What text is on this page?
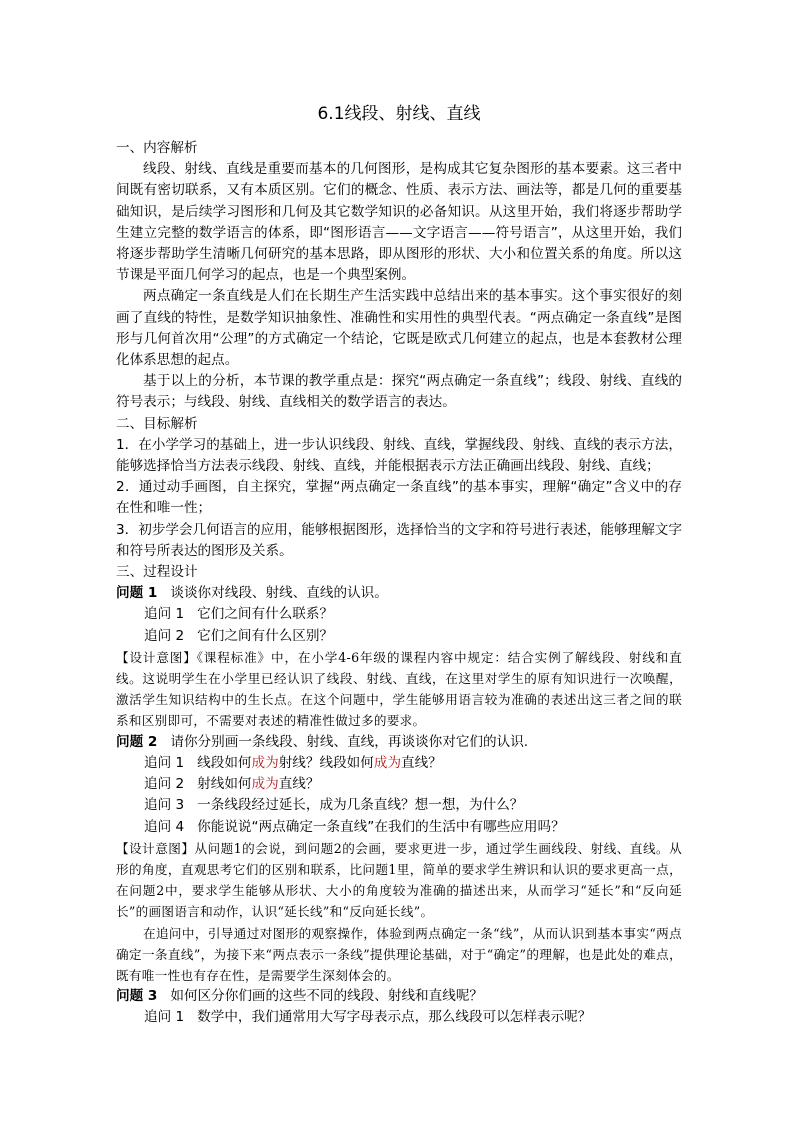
6.1线段、射线、直线

一、内容解析

线段、射线、直线是重要而基本的几何图形，是构成其它复杂图形的基本要素。这三者中间既有密切联系，又有本质区别。它们的概念、性质、表示方法、画法等，都是几何的重要基础知识，是后续学习图形和几何及其它数学知识的必备知识。从这里开始，我们将逐步帮助学生建立完整的数学语言的体系，即“图形语言——文字语言——符号语言”，从这里开始，我们将逐步帮助学生清晰几何研究的基本思路，即从图形的形状、大小和位置关系的角度。所以这节课是平面几何学习的起点，也是一个典型案例。

两点确定一条直线是人们在长期生产生活实践中总结出来的基本事实。这个事实很好的刻画了直线的特性，是数学知识抽象性、准确性和实用性的典型代表。“两点确定一条直线”是图形与几何首次用“公理”的方式确定一个结论，它既是欧式几何建立的起点，也是本套教材公理化体系思想的起点。

基于以上的分析，本节课的教学重点是：探究“两点确定一条直线”；线段、射线、直线的符号表示；与线段、射线、直线相关的数学语言的表达。

二、目标解析

1．在小学学习的基础上，进一步认识线段、射线、直线，掌握线段、射线、直线的表示方法，能够选择恰当方法表示线段、射线、直线，并能根据表示方法正确画出线段、射线、直线；

2．通过动手画图，自主探究，掌握“两点确定一条直线”的基本事实，理解“确定”含义中的存在性和唯一性；

3．初步学会几何语言的应用，能够根据图形，选择恰当的文字和符号进行表述，能够理解文字和符号所表达的图形及关系。

三、过程设计

问题 1 谈谈你对线段、射线、直线的认识。

追问 1 它们之间有什么联系？

追问 2 它们之间有什么区别？

【设计意图】《课程标准》中，在小学4-6年级的课程内容中规定：结合实例了解线段、射线和直线。这说明学生在小学里已经认识了线段、射线、直线，在这里对学生的原有知识进行一次唤醒，激活学生知识结构中的生长点。在这个问题中，学生能够用语言较为准确的表述出这三者之间的联系和区别即可，不需要对表述的精准性做过多的要求。

问题 2 请你分别画一条线段、射线、直线，再谈谈你对它们的认识.

追问 1 线段如何成为射线？线段如何成为直线？

追问 2 射线如何成为直线？

追问 3 一条线段经过延长，成为几条直线？想一想，为什么？

追问 4 你能说说“两点确定一条直线”在我们的生活中有哪些应用吗？

【设计意图】从问题1的会说，到问题2的会画，要求更进一步，通过学生画线段、射线、直线。从形的角度，直观思考它们的区别和联系，比问题1里，简单的要求学生辨识和认识的要求更高一点，在问题2中，要求学生能够从形状、大小的角度较为准确的描述出来，从而学习“延长”和“反向延长”的画图语言和动作，认识“延长线”和“反向延长线”。

在追问中，引导通过对图形的观察操作，体验到两点确定一条“线”，从而认识到基本事实“两点确定一条直线”，为接下来“两点表示一条线”提供理论基础，对于“确定”的理解，也是此处的难点，既有唯一性也有存在性，是需要学生深刻体会的。

问题 3 如何区分你们画的这些不同的线段、射线和直线呢？

追问 1 数学中，我们通常用大写字母表示点，那么线段可以怎样表示呢？
